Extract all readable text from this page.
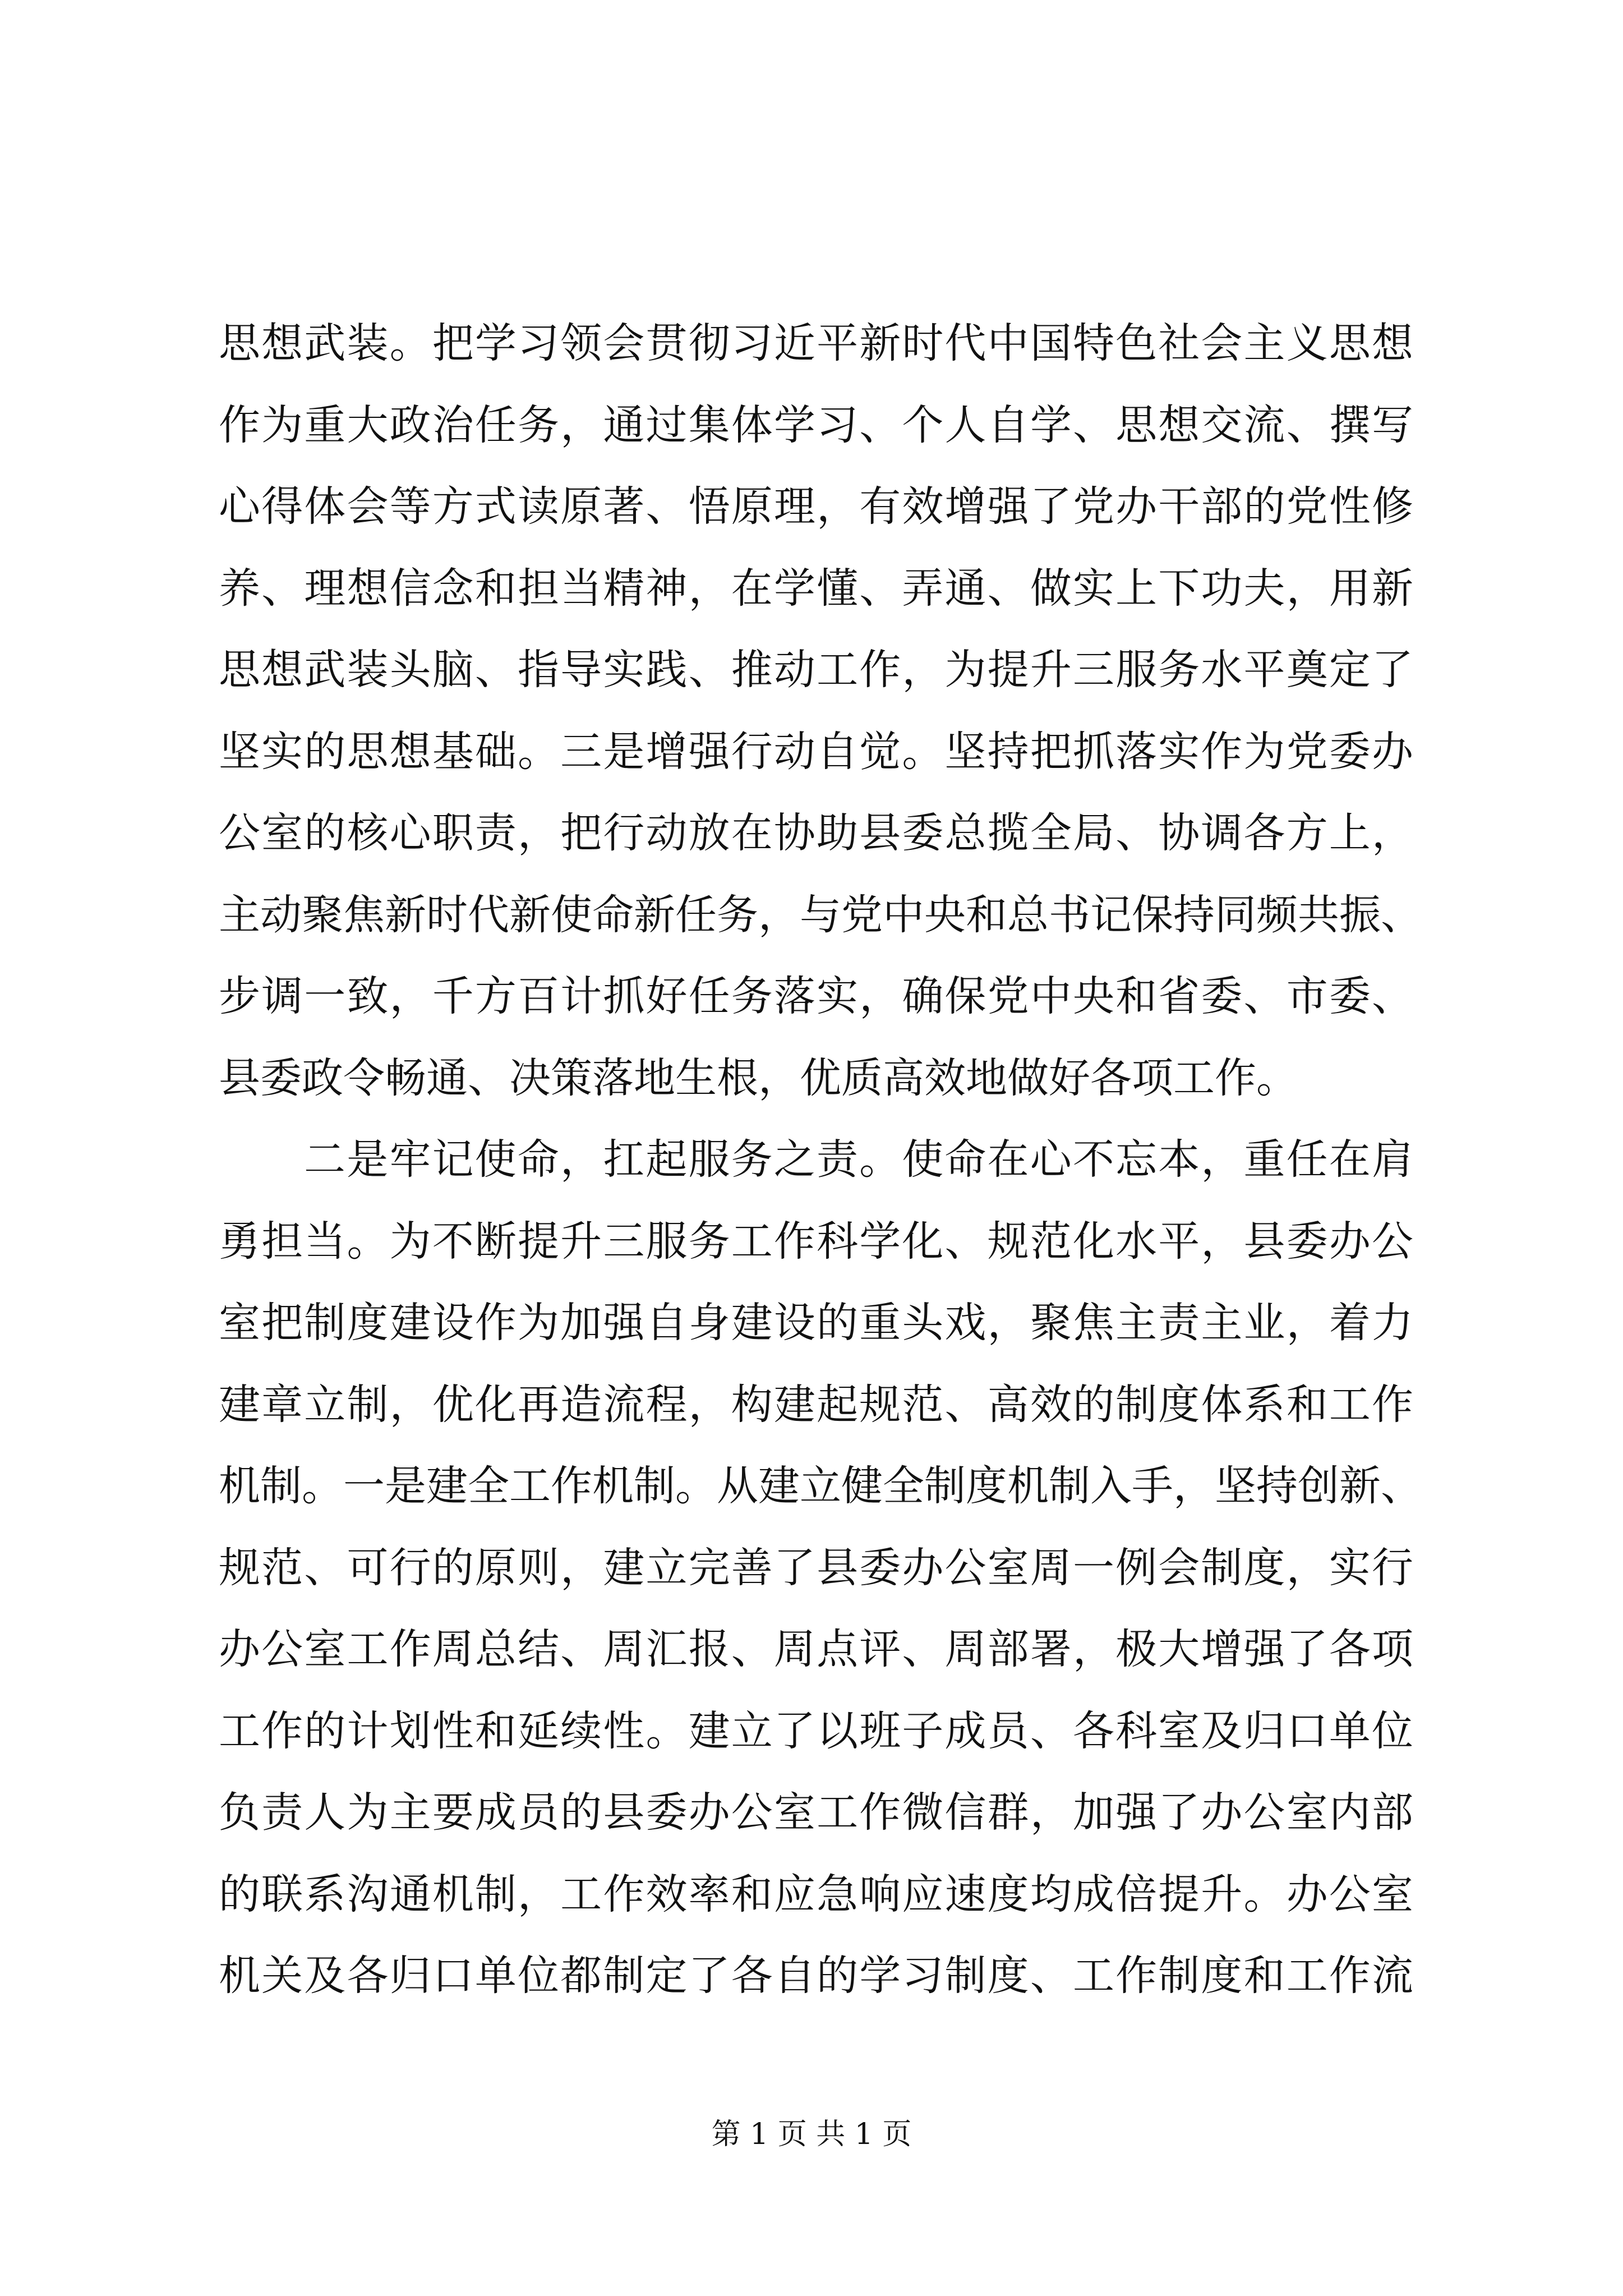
思想武装。把学习领会贯彻习近平新时代中国特色社会主义思想
作为重大政治任务，通过集体学习、个人自学、思想交流、撰写
心得体会等方式读原著、悟原理，有效增强了党办干部的党性修
养、理想信念和担当精神，在学懂、弄通、做实上下功夫，用新
思想武装头脑、指导实践、推动工作，为提升三服务水平奠定了
坚实的思想基础。三是增强行动自觉。坚持把抓落实作为党委办
公室的核心职责，把行动放在协助县委总揽全局、协调各方上，
主动聚焦新时代新使命新任务，与党中央和总书记保持同频共振、
步调一致，千方百计抓好任务落实，确保党中央和省委、市委、
县委政令畅通、决策落地生根，优质高效地做好各项工作。
二是牢记使命，扛起服务之责。使命在心不忘本，重任在肩
勇担当。为不断提升三服务工作科学化、规范化水平，县委办公
室把制度建设作为加强自身建设的重头戏，聚焦主责主业，着力
建章立制，优化再造流程，构建起规范、高效的制度体系和工作
机制。一是建全工作机制。从建立健全制度机制入手，坚持创新、
规范、可行的原则，建立完善了县委办公室周一例会制度，实行
办公室工作周总结、周汇报、周点评、周部署，极大增强了各项
工作的计划性和延续性。建立了以班子成员、各科室及归口单位
负责人为主要成员的县委办公室工作微信群，加强了办公室内部
的联系沟通机制，工作效率和应急响应速度均成倍提升。办公室
机关及各归口单位都制定了各自的学习制度、工作制度和工作流
第 1 页 共 1 页
